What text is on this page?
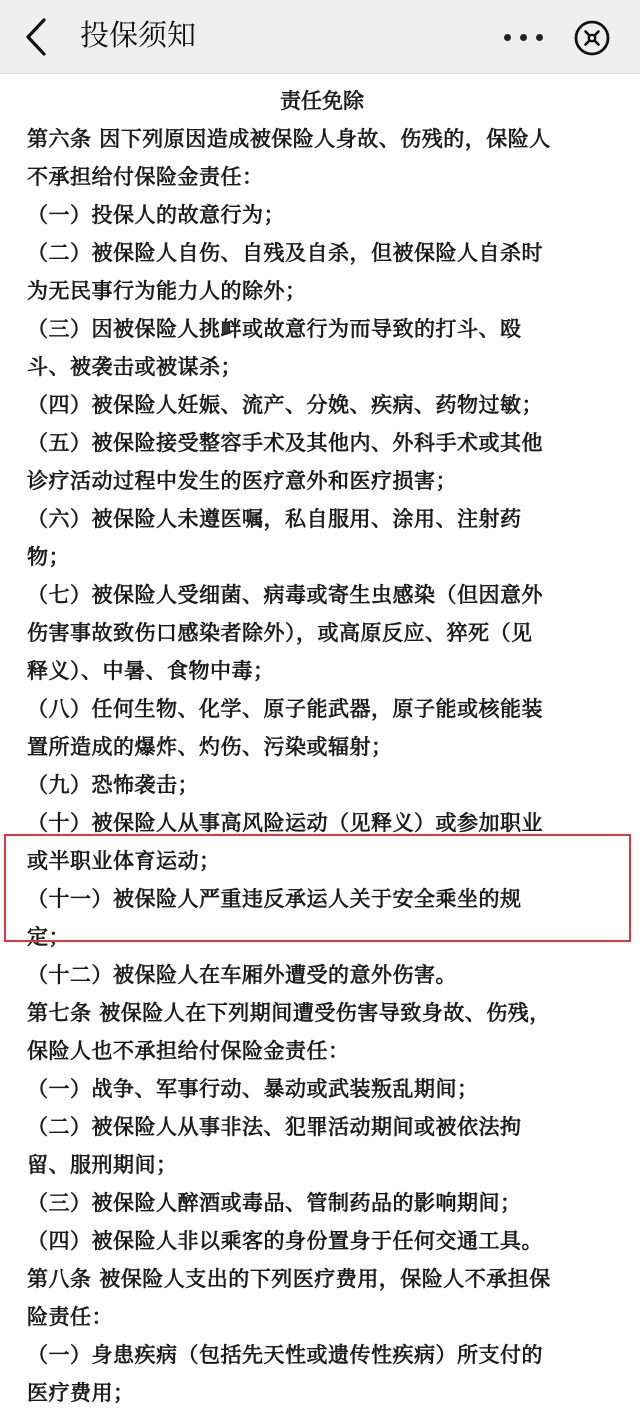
投保须知
责任免除
第六条 因下列原因造成被保险人身故、伤残的，保险人
不承担给付保险金责任：
（一）投保人的故意行为；
（二）被保险人自伤、自残及自杀，但被保险人自杀时
为无民事行为能力人的除外；
（三）因被保险人挑衅或故意行为而导致的打斗、殴
斗、被袭击或被谋杀；
（四）被保险人妊娠、流产、分娩、疾病、药物过敏；
（五）被保险接受整容手术及其他内、外科手术或其他
诊疗活动过程中发生的医疗意外和医疗损害；
（六）被保险人未遵医嘱，私自服用、涂用、注射药
物；
（七）被保险人受细菌、病毒或寄生虫感染（但因意外
伤害事故致伤口感染者除外），或高原反应、猝死（见
释义）、中暑、食物中毒；
（八）任何生物、化学、原子能武器，原子能或核能装
置所造成的爆炸、灼伤、污染或辐射；
（九）恐怖袭击；
（十）被保险人从事高风险运动（见释义）或参加职业
或半职业体育运动；
（十一）被保险人严重违反承运人关于安全乘坐的规
定；
（十二）被保险人在车厢外遭受的意外伤害。
第七条 被保险人在下列期间遭受伤害导致身故、伤残，
保险人也不承担给付保险金责任：
（一）战争、军事行动、暴动或武装叛乱期间；
（二）被保险人从事非法、犯罪活动期间或被依法拘
留、服刑期间；
（三）被保险人醉酒或毒品、管制药品的影响期间；
（四）被保险人非以乘客的身份置身于任何交通工具。
第八条 被保险人支出的下列医疗费用，保险人不承担保
险责任：
（一）身患疾病（包括先天性或遗传性疾病）所支付的
医疗费用；
